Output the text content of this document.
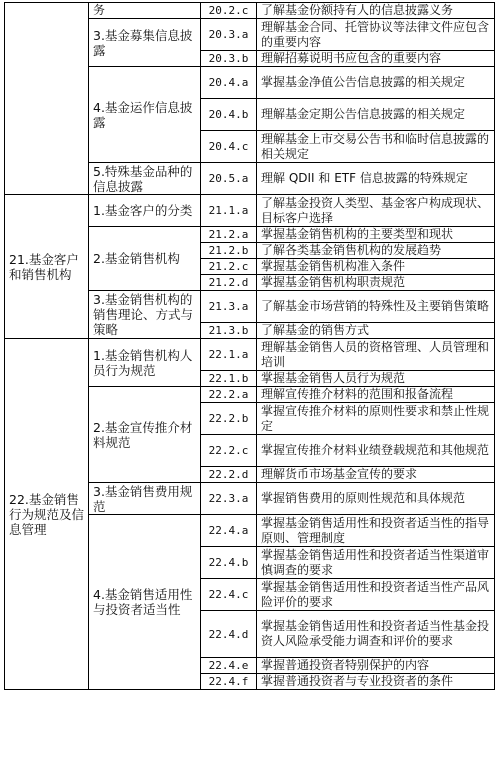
	务	20.2.c	了解基金份额持有人的信息披露义务
	3.基金募集信息披露	20.3.a	理解基金合同、托管协议等法律文件应包含的重要内容
		20.3.b	理解招募说明书应包含的重要内容
	4.基金运作信息披露	20.4.a	掌握基金净值公告信息披露的相关规定
		20.4.b	理解基金定期公告信息披露的相关规定
		20.4.c	理解基金上市交易公告书和临时信息披露的相关规定
	5.特殊基金品种的信息披露	20.5.a	理解 QDII 和 ETF 信息披露的特殊规定
21.基金客户和销售机构	1.基金客户的分类	21.1.a	了解基金投资人类型、基金客户构成现状、目标客户选择
	2.基金销售机构	21.2.a	掌握基金销售机构的主要类型和现状
		21.2.b	了解各类基金销售机构的发展趋势
		21.2.c	掌握基金销售机构准入条件
		21.2.d	掌握基金销售机构职责规范
	3.基金销售机构的销售理论、方式与策略	21.3.a	了解基金市场营销的特殊性及主要销售策略
		21.3.b	了解基金的销售方式
22.基金销售行为规范及信息管理	1.基金销售机构人员行为规范	22.1.a	理解基金销售人员的资格管理、人员管理和培训
		22.1.b	掌握基金销售人员行为规范
	2.基金宣传推介材料规范	22.2.a	理解宣传推介材料的范围和报备流程
		22.2.b	掌握宣传推介材料的原则性要求和禁止性规定
		22.2.c	掌握宣传推介材料业绩登载规范和其他规范
		22.2.d	理解货币市场基金宣传的要求
	3.基金销售费用规范	22.3.a	掌握销售费用的原则性规范和具体规范
	4.基金销售适用性与投资者适当性	22.4.a	掌握基金销售适用性和投资者适当性的指导原则、管理制度
		22.4.b	掌握基金销售适用性和投资者适当性渠道审慎调查的要求
		22.4.c	掌握基金销售适用性和投资者适当性产品风险评价的要求
		22.4.d	掌握基金销售适用性和投资者适当性基金投资人风险承受能力调查和评价的要求
		22.4.e	掌握普通投资者特别保护的内容
		22.4.f	掌握普通投资者与专业投资者的条件
